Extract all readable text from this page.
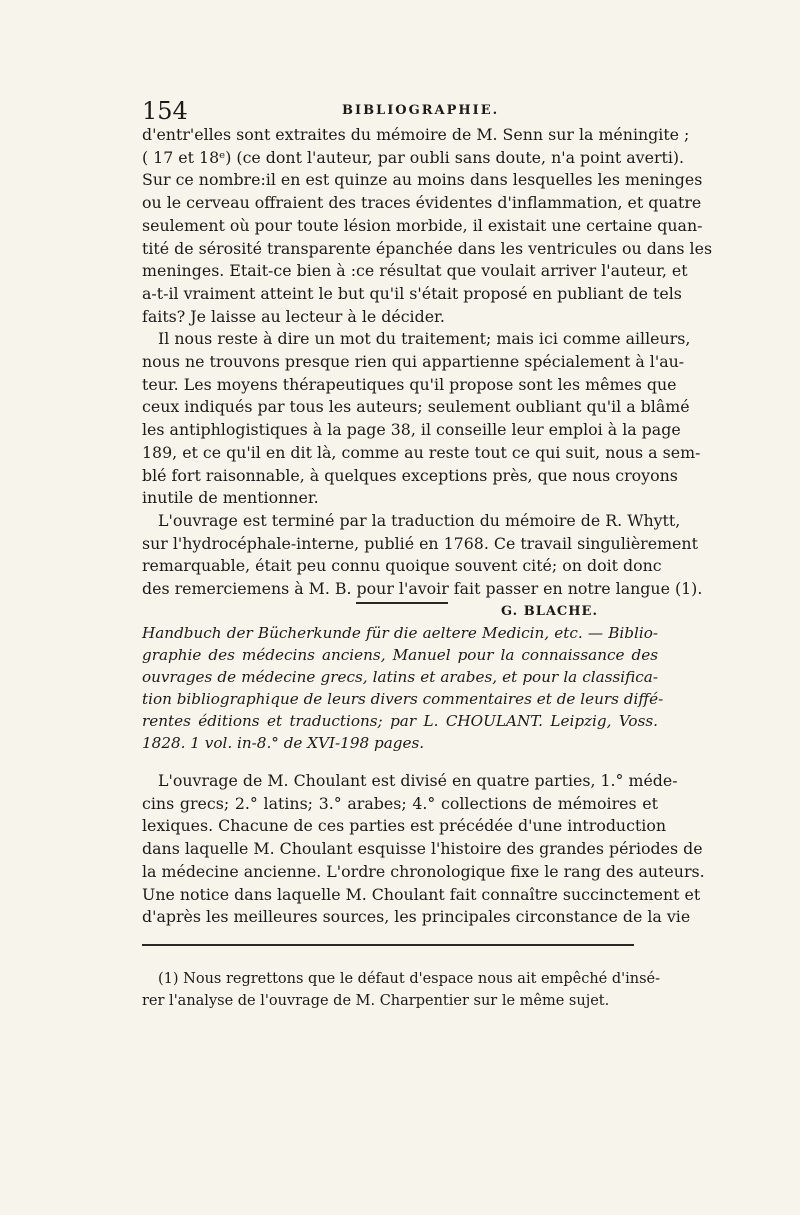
154	BIBLIOGRAPHIE.
d'entr'elles sont extraites du mémoire de M. Senn sur la méningite ;
( 17 et 18ᵉ) (ce dont l'auteur, par oubli sans doute, n'a point averti).
Sur ce nombre:il en est quinze au moins dans lesquelles les meninges
ou le cerveau offraient des traces évidentes d'inflammation, et quatre
seulement où pour toute lésion morbide, il existait une certaine quan-
tité de sérosité transparente épanchée dans les ventricules ou dans les
meninges. Etait-ce bien à :ce résultat que voulait arriver l'auteur, et
a-t-il vraiment atteint le but qu'il s'était proposé en publiant de tels
faits? Je laisse au lecteur à le décider.
Il nous reste à dire un mot du traitement; mais ici comme ailleurs,
nous ne trouvons presque rien qui appartienne spécialement à l'au-
teur. Les moyens thérapeutiques qu'il propose sont les mêmes que
ceux indiqués par tous les auteurs; seulement oubliant qu'il a blâmé
les antiphlogistiques à la page 38, il conseille leur emploi à la page
189, et ce qu'il en dit là, comme au reste tout ce qui suit, nous a sem-
blé fort raisonnable, à quelques exceptions près, que nous croyons
inutile de mentionner.
L'ouvrage est terminé par la traduction du mémoire de R. Whytt,
sur l'hydrocéphale-interne, publié en 1768. Ce travail singulièrement
remarquable, était peu connu quoique souvent cité; on doit donc
des remerciemens à M. B. pour l'avoir fait passer en notre langue (1).
G. BLACHE.
Handbuch der Bücherkunde für die aeltere Medicin, etc. — Biblio-
graphie des médecins anciens, Manuel pour la connaissance des
ouvrages de médecine grecs, latins et arabes, et pour la classifica-
tion bibliographique de leurs divers commentaires et de leurs diffé-
rentes éditions et traductions; par L. CHOULANT. Leipzig, Voss.
1828. 1 vol. in-8.° de XVI-198 pages.
L'ouvrage de M. Choulant est divisé en quatre parties, 1.° méde-
cins grecs; 2.° latins; 3.° arabes; 4.° collections de mémoires et
lexiques. Chacune de ces parties est précédée d'une introduction
dans laquelle M. Choulant esquisse l'histoire des grandes périodes de
la médecine ancienne. L'ordre chronologique fixe le rang des auteurs.
Une notice dans laquelle M. Choulant fait connaître succinctement et
d'après les meilleures sources, les principales circonstance de la vie
(1) Nous regrettons que le défaut d'espace nous ait empêché d'insé-
rer l'analyse de l'ouvrage de M. Charpentier sur le même sujet.
